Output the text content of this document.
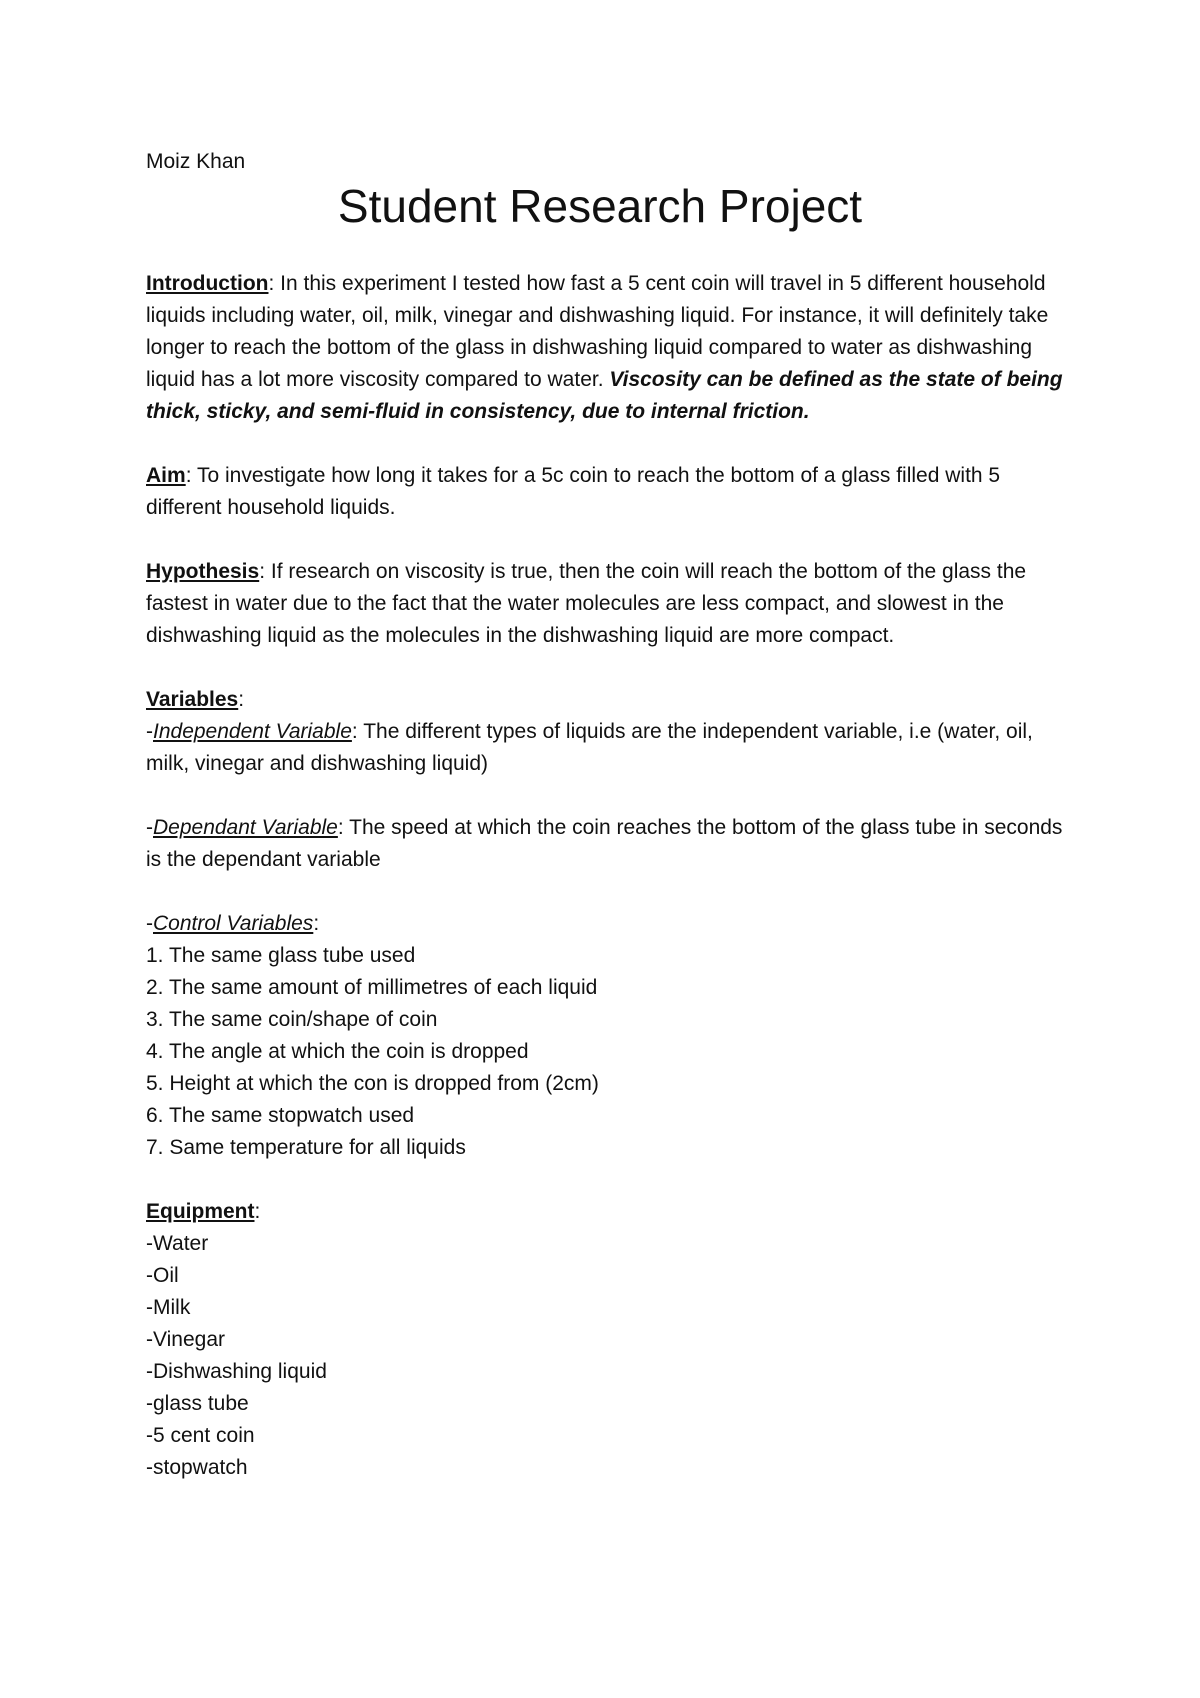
Moiz Khan
Student Research Project

Introduction: In this experiment I tested how fast a 5 cent coin will travel in 5 different household liquids including water, oil, milk, vinegar and dishwashing liquid. For instance, it will definitely take longer to reach the bottom of the glass in dishwashing liquid compared to water as dishwashing liquid has a lot more viscosity compared to water. Viscosity can be defined as the state of being thick, sticky, and semi-fluid in consistency, due to internal friction.

Aim: To investigate how long it takes for a 5c coin to reach the bottom of a glass filled with 5 different household liquids.

Hypothesis: If research on viscosity is true, then the coin will reach the bottom of the glass the fastest in water due to the fact that the water molecules are less compact, and slowest in the dishwashing liquid as the molecules in the dishwashing liquid are more compact.

Variables:

-Independent Variable: The different types of liquids are the independent variable, i.e (water, oil, milk, vinegar and dishwashing liquid)

-Dependant Variable: The speed at which the coin reaches the bottom of the glass tube in seconds is the dependant variable

-Control Variables:

1. The same glass tube used
2. The same amount of millimetres of each liquid
3. The same coin/shape of coin
4. The angle at which the coin is dropped
5. Height at which the con is dropped from (2cm)
6. The same stopwatch used
7. Same temperature for all liquids

Equipment:

-Water
-Oil
-Milk
-Vinegar
-Dishwashing liquid
-glass tube
-5 cent coin
-stopwatch
